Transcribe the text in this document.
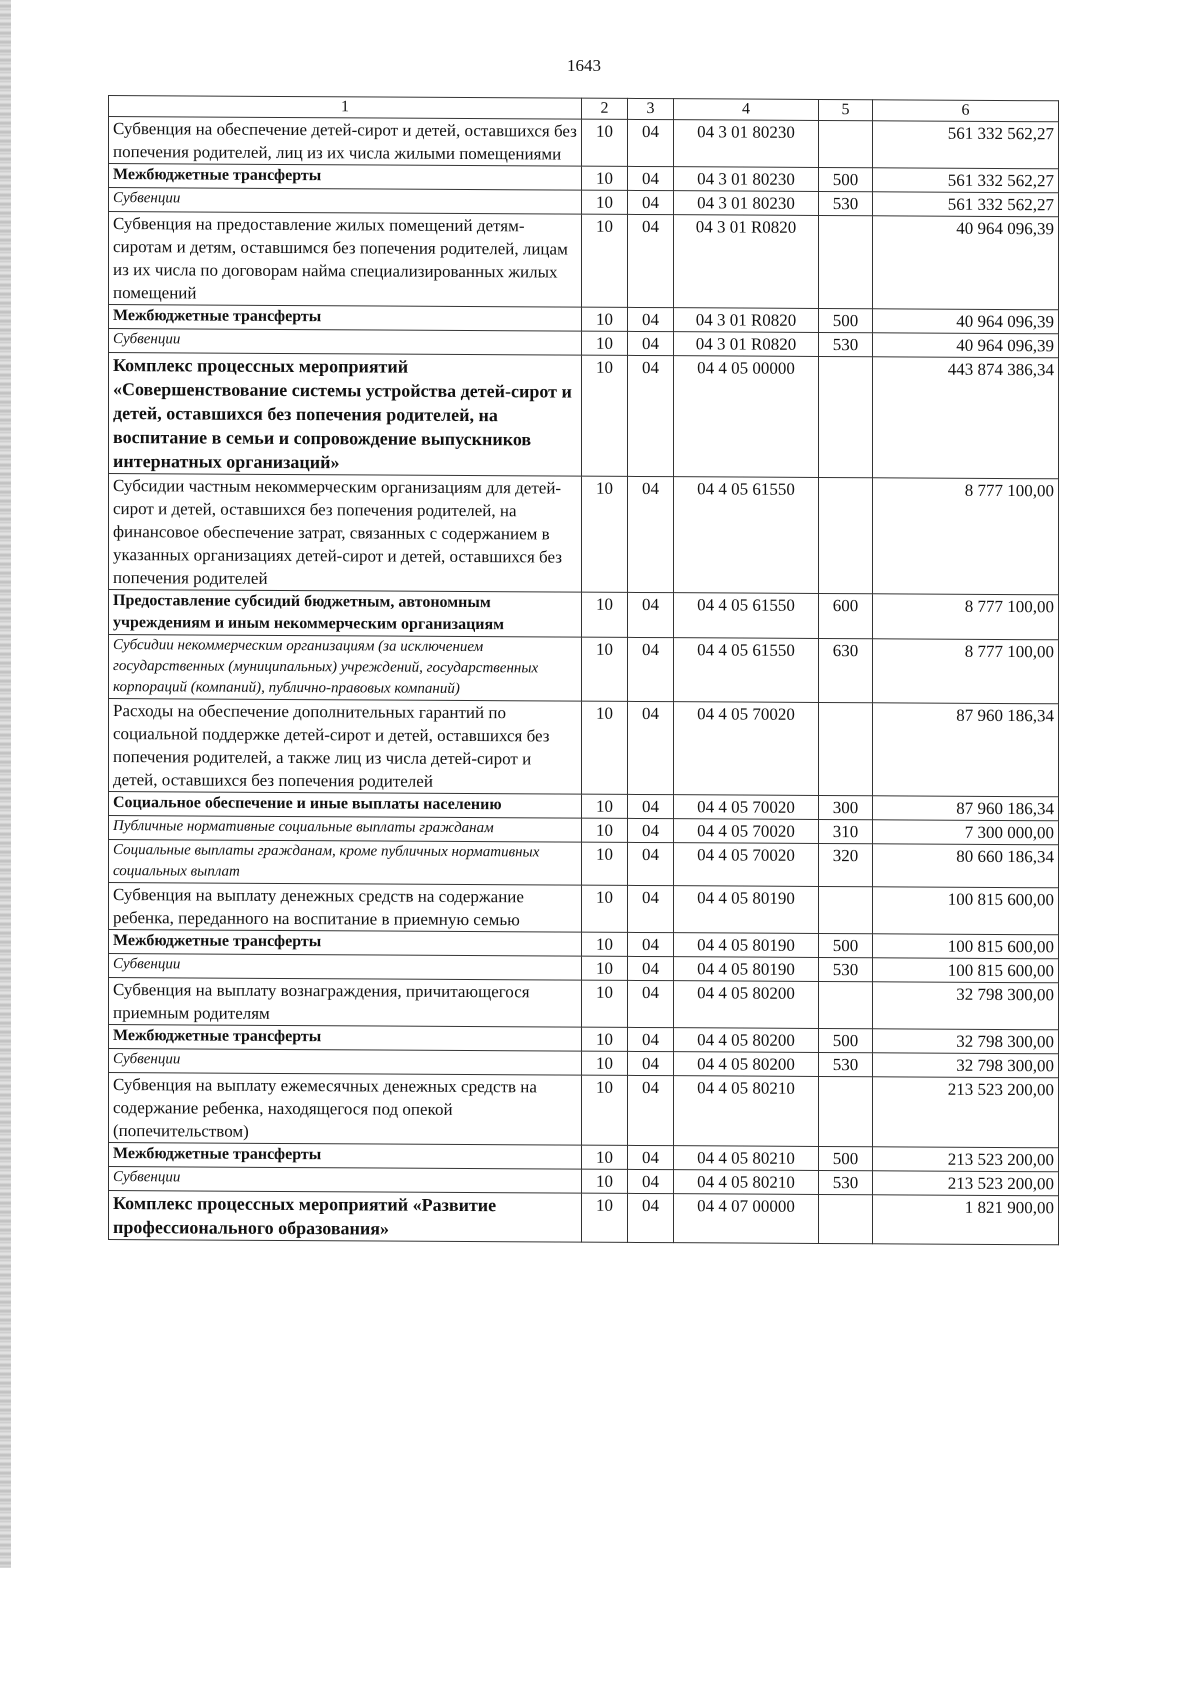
1643
1	2	3	4	5	6
Субвенция на обеспечение детей-сирот и детей, оставшихся без попечения родителей, лиц из их числа жилыми помещениями	10	04	04 3 01 80230		561 332 562,27
Межбюджетные трансферты	10	04	04 3 01 80230	500	561 332 562,27
Субвенции	10	04	04 3 01 80230	530	561 332 562,27
Субвенция на предоставление жилых помещений детям-сиротам и детям, оставшимся без попечения родителей, лицам из их числа по договорам найма специализированных жилых помещений	10	04	04 3 01 R0820		40 964 096,39
Межбюджетные трансферты	10	04	04 3 01 R0820	500	40 964 096,39
Субвенции	10	04	04 3 01 R0820	530	40 964 096,39
Комплекс процессных мероприятий «Совершенствование системы устройства детей-сирот и детей, оставшихся без попечения родителей, на воспитание в семьи и сопровождение выпускников интернатных организаций»	10	04	04 4 05 00000		443 874 386,34
Субсидии частным некоммерческим организациям для детей-сирот и детей, оставшихся без попечения родителей, на финансовое обеспечение затрат, связанных с содержанием в указанных организациях детей-сирот и детей, оставшихся без попечения родителей	10	04	04 4 05 61550		8 777 100,00
Предоставление субсидий бюджетным, автономным учреждениям и иным некоммерческим организациям	10	04	04 4 05 61550	600	8 777 100,00
Субсидии некоммерческим организациям (за исключением государственных (муниципальных) учреждений, государственных корпораций (компаний), публично-правовых компаний)	10	04	04 4 05 61550	630	8 777 100,00
Расходы на обеспечение дополнительных гарантий по социальной поддержке детей-сирот и детей, оставшихся без попечения родителей, а также лиц из числа детей-сирот и детей, оставшихся без попечения родителей	10	04	04 4 05 70020		87 960 186,34
Социальное обеспечение и иные выплаты населению	10	04	04 4 05 70020	300	87 960 186,34
Публичные нормативные социальные выплаты гражданам	10	04	04 4 05 70020	310	7 300 000,00
Социальные выплаты гражданам, кроме публичных нормативных социальных выплат	10	04	04 4 05 70020	320	80 660 186,34
Субвенция на выплату денежных средств на содержание ребенка, переданного на воспитание в приемную семью	10	04	04 4 05 80190		100 815 600,00
Межбюджетные трансферты	10	04	04 4 05 80190	500	100 815 600,00
Субвенции	10	04	04 4 05 80190	530	100 815 600,00
Субвенция на выплату вознаграждения, причитающегося приемным родителям	10	04	04 4 05 80200		32 798 300,00
Межбюджетные трансферты	10	04	04 4 05 80200	500	32 798 300,00
Субвенции	10	04	04 4 05 80200	530	32 798 300,00
Субвенция на выплату ежемесячных денежных средств на содержание ребенка, находящегося под опекой (попечительством)	10	04	04 4 05 80210		213 523 200,00
Межбюджетные трансферты	10	04	04 4 05 80210	500	213 523 200,00
Субвенции	10	04	04 4 05 80210	530	213 523 200,00
Комплекс процессных мероприятий «Развитие профессионального образования»	10	04	04 4 07 00000		1 821 900,00
